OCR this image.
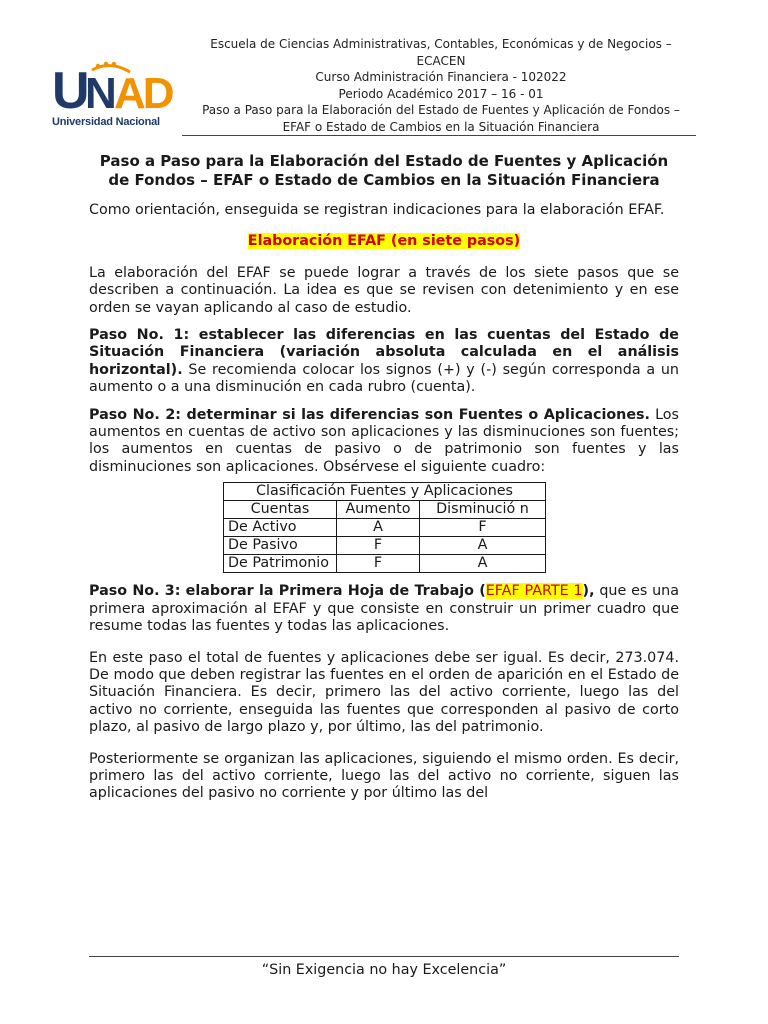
U N AD
Universidad Nacional
Escuela de Ciencias Administrativas, Contables, Económicas y de Negocios –
ECACEN
Curso Administración Financiera - 102022
Periodo Académico 2017 – 16 - 01
Paso a Paso para la Elaboración del Estado de Fuentes y Aplicación de Fondos –
EFAF o Estado de Cambios en la Situación Financiera
Paso a Paso para la Elaboración del Estado de Fuentes y Aplicación
de Fondos – EFAF o Estado de Cambios en la Situación Financiera

Como orientación, enseguida se registran indicaciones para la elaboración EFAF.

Elaboración EFAF (en siete pasos)

La elaboración del EFAF se puede lograr a través de los siete pasos que se describen a continuación. La idea es que se revisen con detenimiento y en ese orden se vayan aplicando al caso de estudio.

Paso No. 1: establecer las diferencias en las cuentas del Estado de Situación Financiera (variación absoluta calculada en el análisis horizontal). Se recomienda colocar los signos (+) y (-) según corresponda a un aumento o a una disminución en cada rubro (cuenta).

Paso No. 2: determinar si las diferencias son Fuentes o Aplicaciones. Los aumentos en cuentas de activo son aplicaciones y las disminuciones son fuentes; los aumentos en cuentas de pasivo o de patrimonio son fuentes y las disminuciones son aplicaciones. Obsérvese el siguiente cuadro:

Clasificación Fuentes y Aplicaciones		
Cuentas	Aumento	Disminució n
De Activo	A	F
De Pasivo	F	A
De Patrimonio	F	A

Paso No. 3: elaborar la Primera Hoja de Trabajo (EFAF PARTE 1), que es una primera aproximación al EFAF y que consiste en construir un primer cuadro que resume todas las fuentes y todas las aplicaciones.

En este paso el total de fuentes y aplicaciones debe ser igual. Es decir, 273.074. De modo que deben registrar las fuentes en el orden de aparición en el Estado de Situación Financiera. Es decir, primero las del activo corriente, luego las del activo no corriente, enseguida las fuentes que corresponden al pasivo de corto plazo, al pasivo de largo plazo y, por último, las del patrimonio.

Posteriormente se organizan las aplicaciones, siguiendo el mismo orden. Es decir, primero las del activo corriente, luego las del activo no corriente, siguen las aplicaciones del pasivo no corriente y por último las del

“Sin Exigencia no hay Excelencia”
